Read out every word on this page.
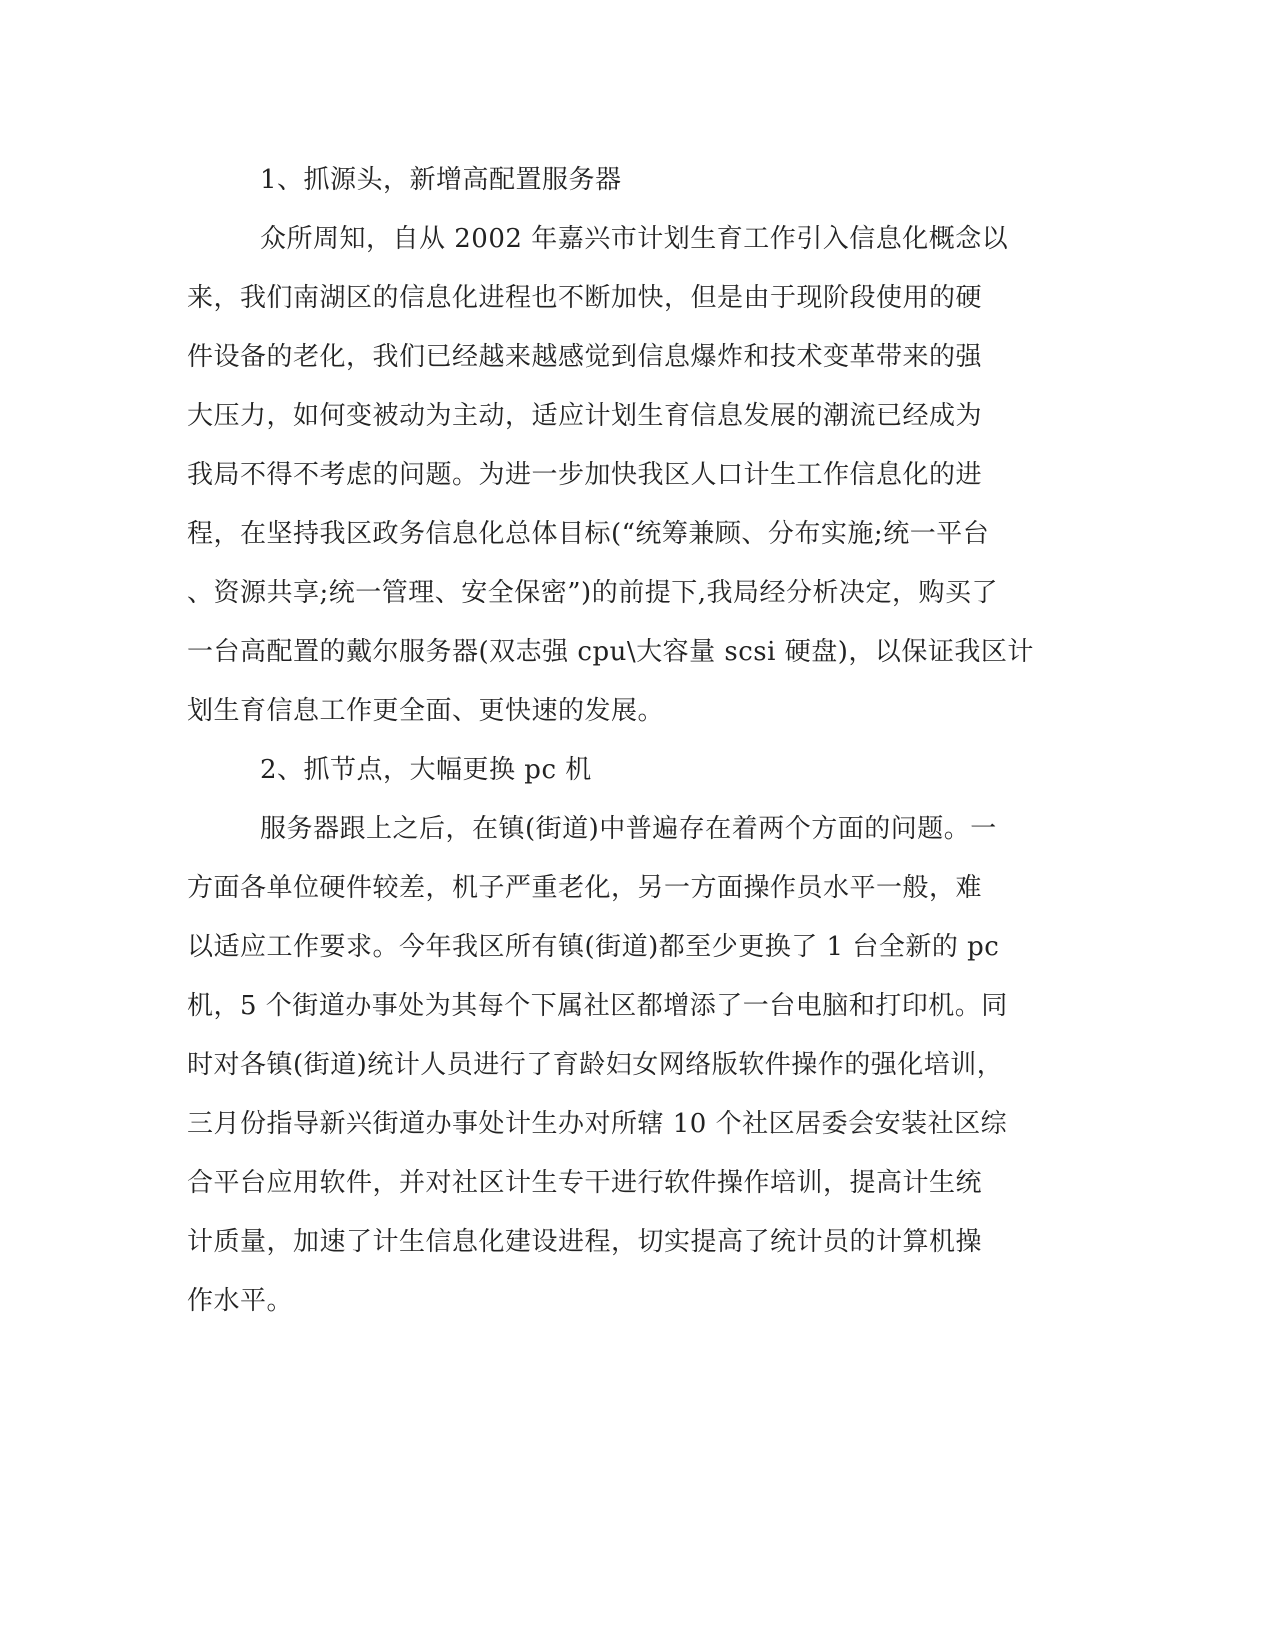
1、抓源头，新增高配置服务器
众所周知，自从 2002 年嘉兴市计划生育工作引入信息化概念以
来，我们南湖区的信息化进程也不断加快，但是由于现阶段使用的硬
件设备的老化，我们已经越来越感觉到信息爆炸和技术变革带来的强
大压力，如何变被动为主动，适应计划生育信息发展的潮流已经成为
我局不得不考虑的问题。为进一步加快我区人口计生工作信息化的进
程，在坚持我区政务信息化总体目标(“统筹兼顾、分布实施;统一平台
、资源共享;统一管理、安全保密”)的前提下,我局经分析决定，购买了
一台高配置的戴尔服务器(双志强 cpu\大容量 scsi 硬盘)，以保证我区计
划生育信息工作更全面、更快速的发展。
2、抓节点，大幅更换 pc 机
服务器跟上之后，在镇(街道)中普遍存在着两个方面的问题。一
方面各单位硬件较差，机子严重老化，另一方面操作员水平一般，难
以适应工作要求。今年我区所有镇(街道)都至少更换了 1 台全新的 pc
机，5 个街道办事处为其每个下属社区都增添了一台电脑和打印机。同
时对各镇(街道)统计人员进行了育龄妇女网络版软件操作的强化培训，
三月份指导新兴街道办事处计生办对所辖 10 个社区居委会安装社区综
合平台应用软件，并对社区计生专干进行软件操作培训，提高计生统
计质量，加速了计生信息化建设进程，切实提高了统计员的计算机操
作水平。
